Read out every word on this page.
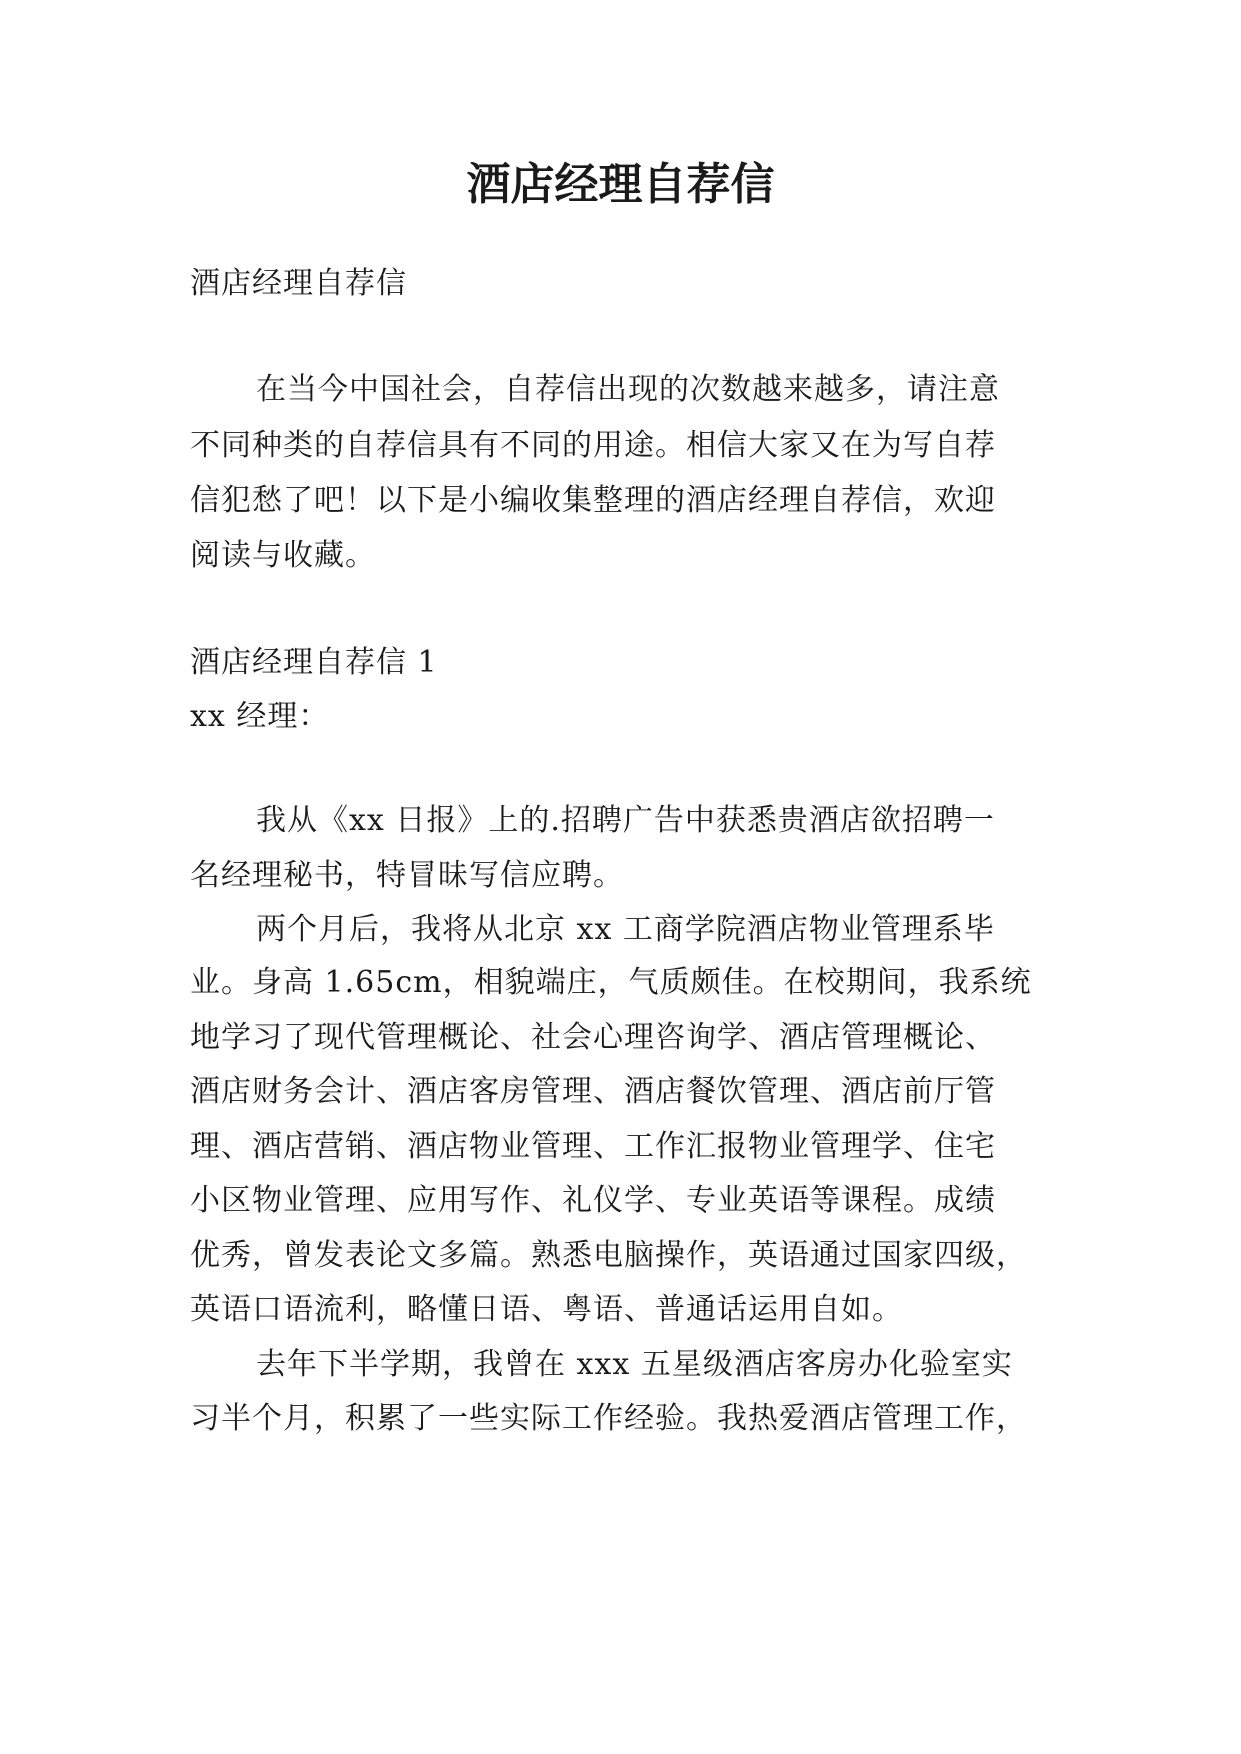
酒店经理自荐信
酒店经理自荐信
在当今中国社会，自荐信出现的次数越来越多，请注意
不同种类的自荐信具有不同的用途。相信大家又在为写自荐
信犯愁了吧！以下是小编收集整理的酒店经理自荐信，欢迎
阅读与收藏。
酒店经理自荐信 1
xx 经理：
我从《xx 日报》上的.招聘广告中获悉贵酒店欲招聘一
名经理秘书，特冒昧写信应聘。
两个月后，我将从北京 xx 工商学院酒店物业管理系毕
业。身高 1.65cm，相貌端庄，气质颇佳。在校期间，我系统
地学习了现代管理概论、社会心理咨询学、酒店管理概论、
酒店财务会计、酒店客房管理、酒店餐饮管理、酒店前厅管
理、酒店营销、酒店物业管理、工作汇报物业管理学、住宅
小区物业管理、应用写作、礼仪学、专业英语等课程。成绩
优秀，曾发表论文多篇。熟悉电脑操作，英语通过国家四级，
英语口语流利，略懂日语、粤语、普通话运用自如。
去年下半学期，我曾在 xxx 五星级酒店客房办化验室实
习半个月，积累了一些实际工作经验。我热爱酒店管理工作，
